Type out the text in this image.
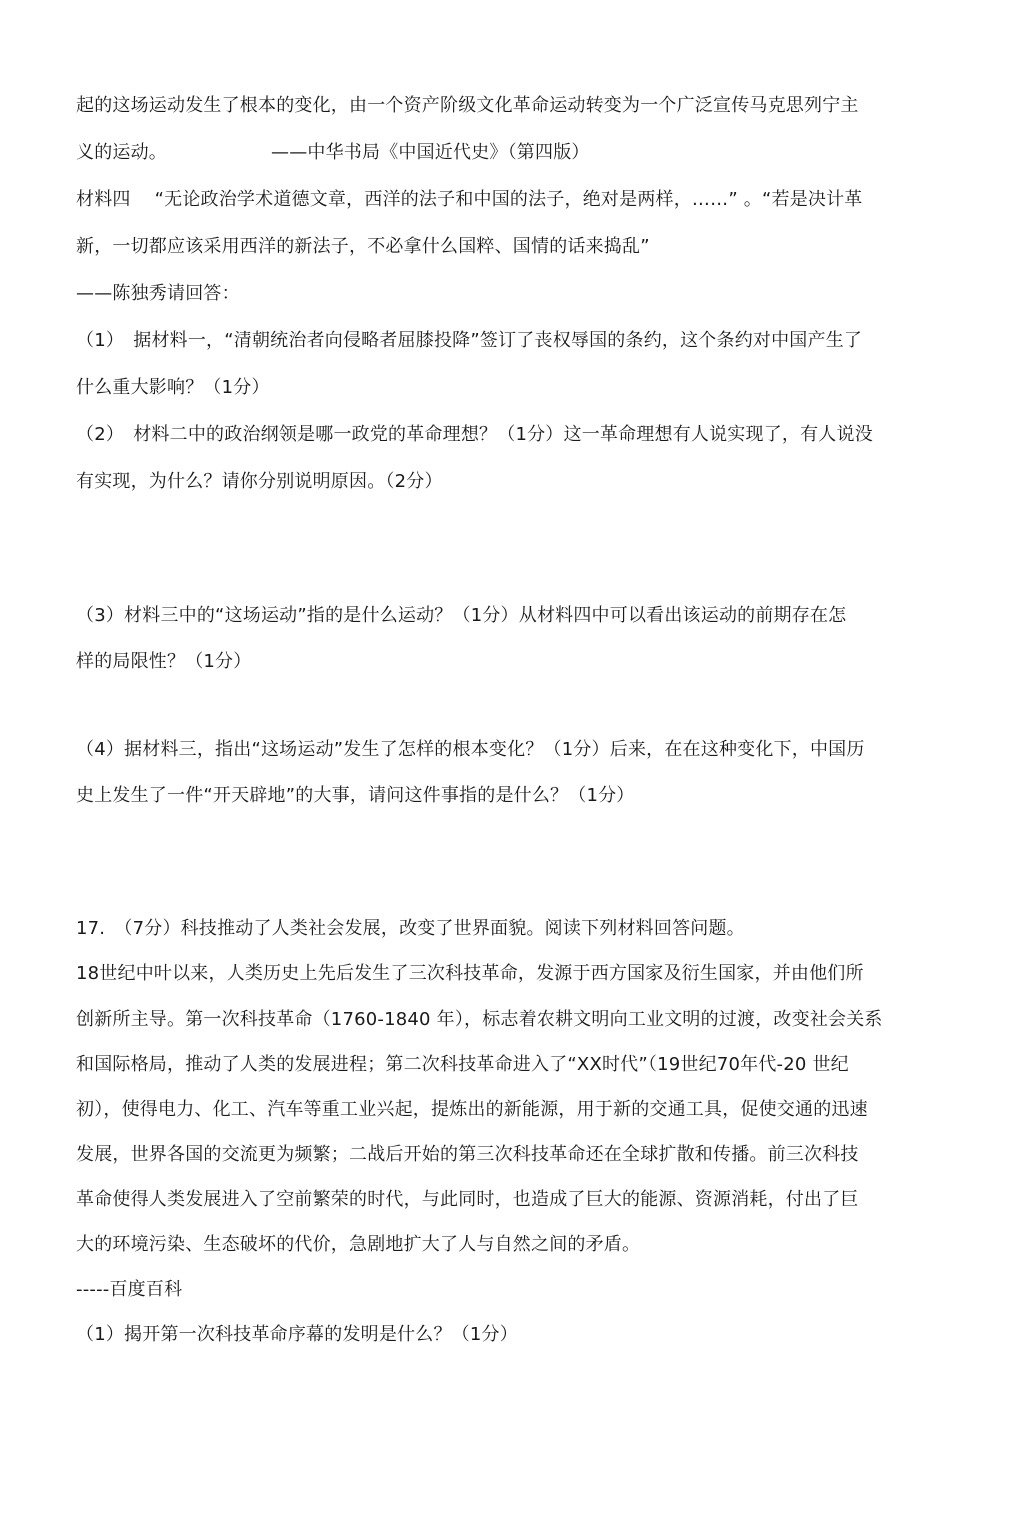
起的这场运动发生了根本的变化，由一个资产阶级文化革命运动转变为一个广泛宣传马克思列宁主
义的运动。	——中华书局《中国近代史》（第四版）
材料四 “无论政治学术道德文章，西洋的法子和中国的法子，绝对是两样，……” 。“若是决计革
新，一切都应该采用西洋的新法子，不必拿什么国粹、国情的话来捣乱”
——陈独秀请回答：
（1）　据材料一，“清朝统治者向侵略者屈膝投降”签订了丧权辱国的条约，这个条约对中国产生了
什么重大影响？（1分）
（2）　材料二中的政治纲领是哪一政党的革命理想？（1分）这一革命理想有人说实现了，有人说没
有实现，为什么？请你分别说明原因。（2分）
（3）材料三中的“这场运动”指的是什么运动？（1分）从材料四中可以看出该运动的前期存在怎
样的局限性？（1分）
（4）据材料三，指出“这场运动”发生了怎样的根本变化？（1分）后来，在在这种变化下，中国历
史上发生了一件“开天辟地”的大事，请问这件事指的是什么？（1分）
17.　（7分）科技推动了人类社会发展，改变了世界面貌。阅读下列材料回答问题。
18世纪中叶以来，人类历史上先后发生了三次科技革命，发源于西方国家及衍生国家，并由他们所
创新所主导。第一次科技革命（1760-1840 年），标志着农耕文明向工业文明的过渡，改变社会关系
和国际格局，推动了人类的发展进程；第二次科技革命进入了“XX时代”（19世纪70年代-20 世纪
初），使得电力、化工、汽车等重工业兴起，提炼出的新能源，用于新的交通工具，促使交通的迅速
发展，世界各国的交流更为频繁；二战后开始的第三次科技革命还在全球扩散和传播。前三次科技
革命使得人类发展进入了空前繁荣的时代，与此同时，也造成了巨大的能源、资源消耗，付出了巨
大的环境污染、生态破坏的代价，急剧地扩大了人与自然之间的矛盾。
-----百度百科
（1）揭开第一次科技革命序幕的发明是什么？（1分）
